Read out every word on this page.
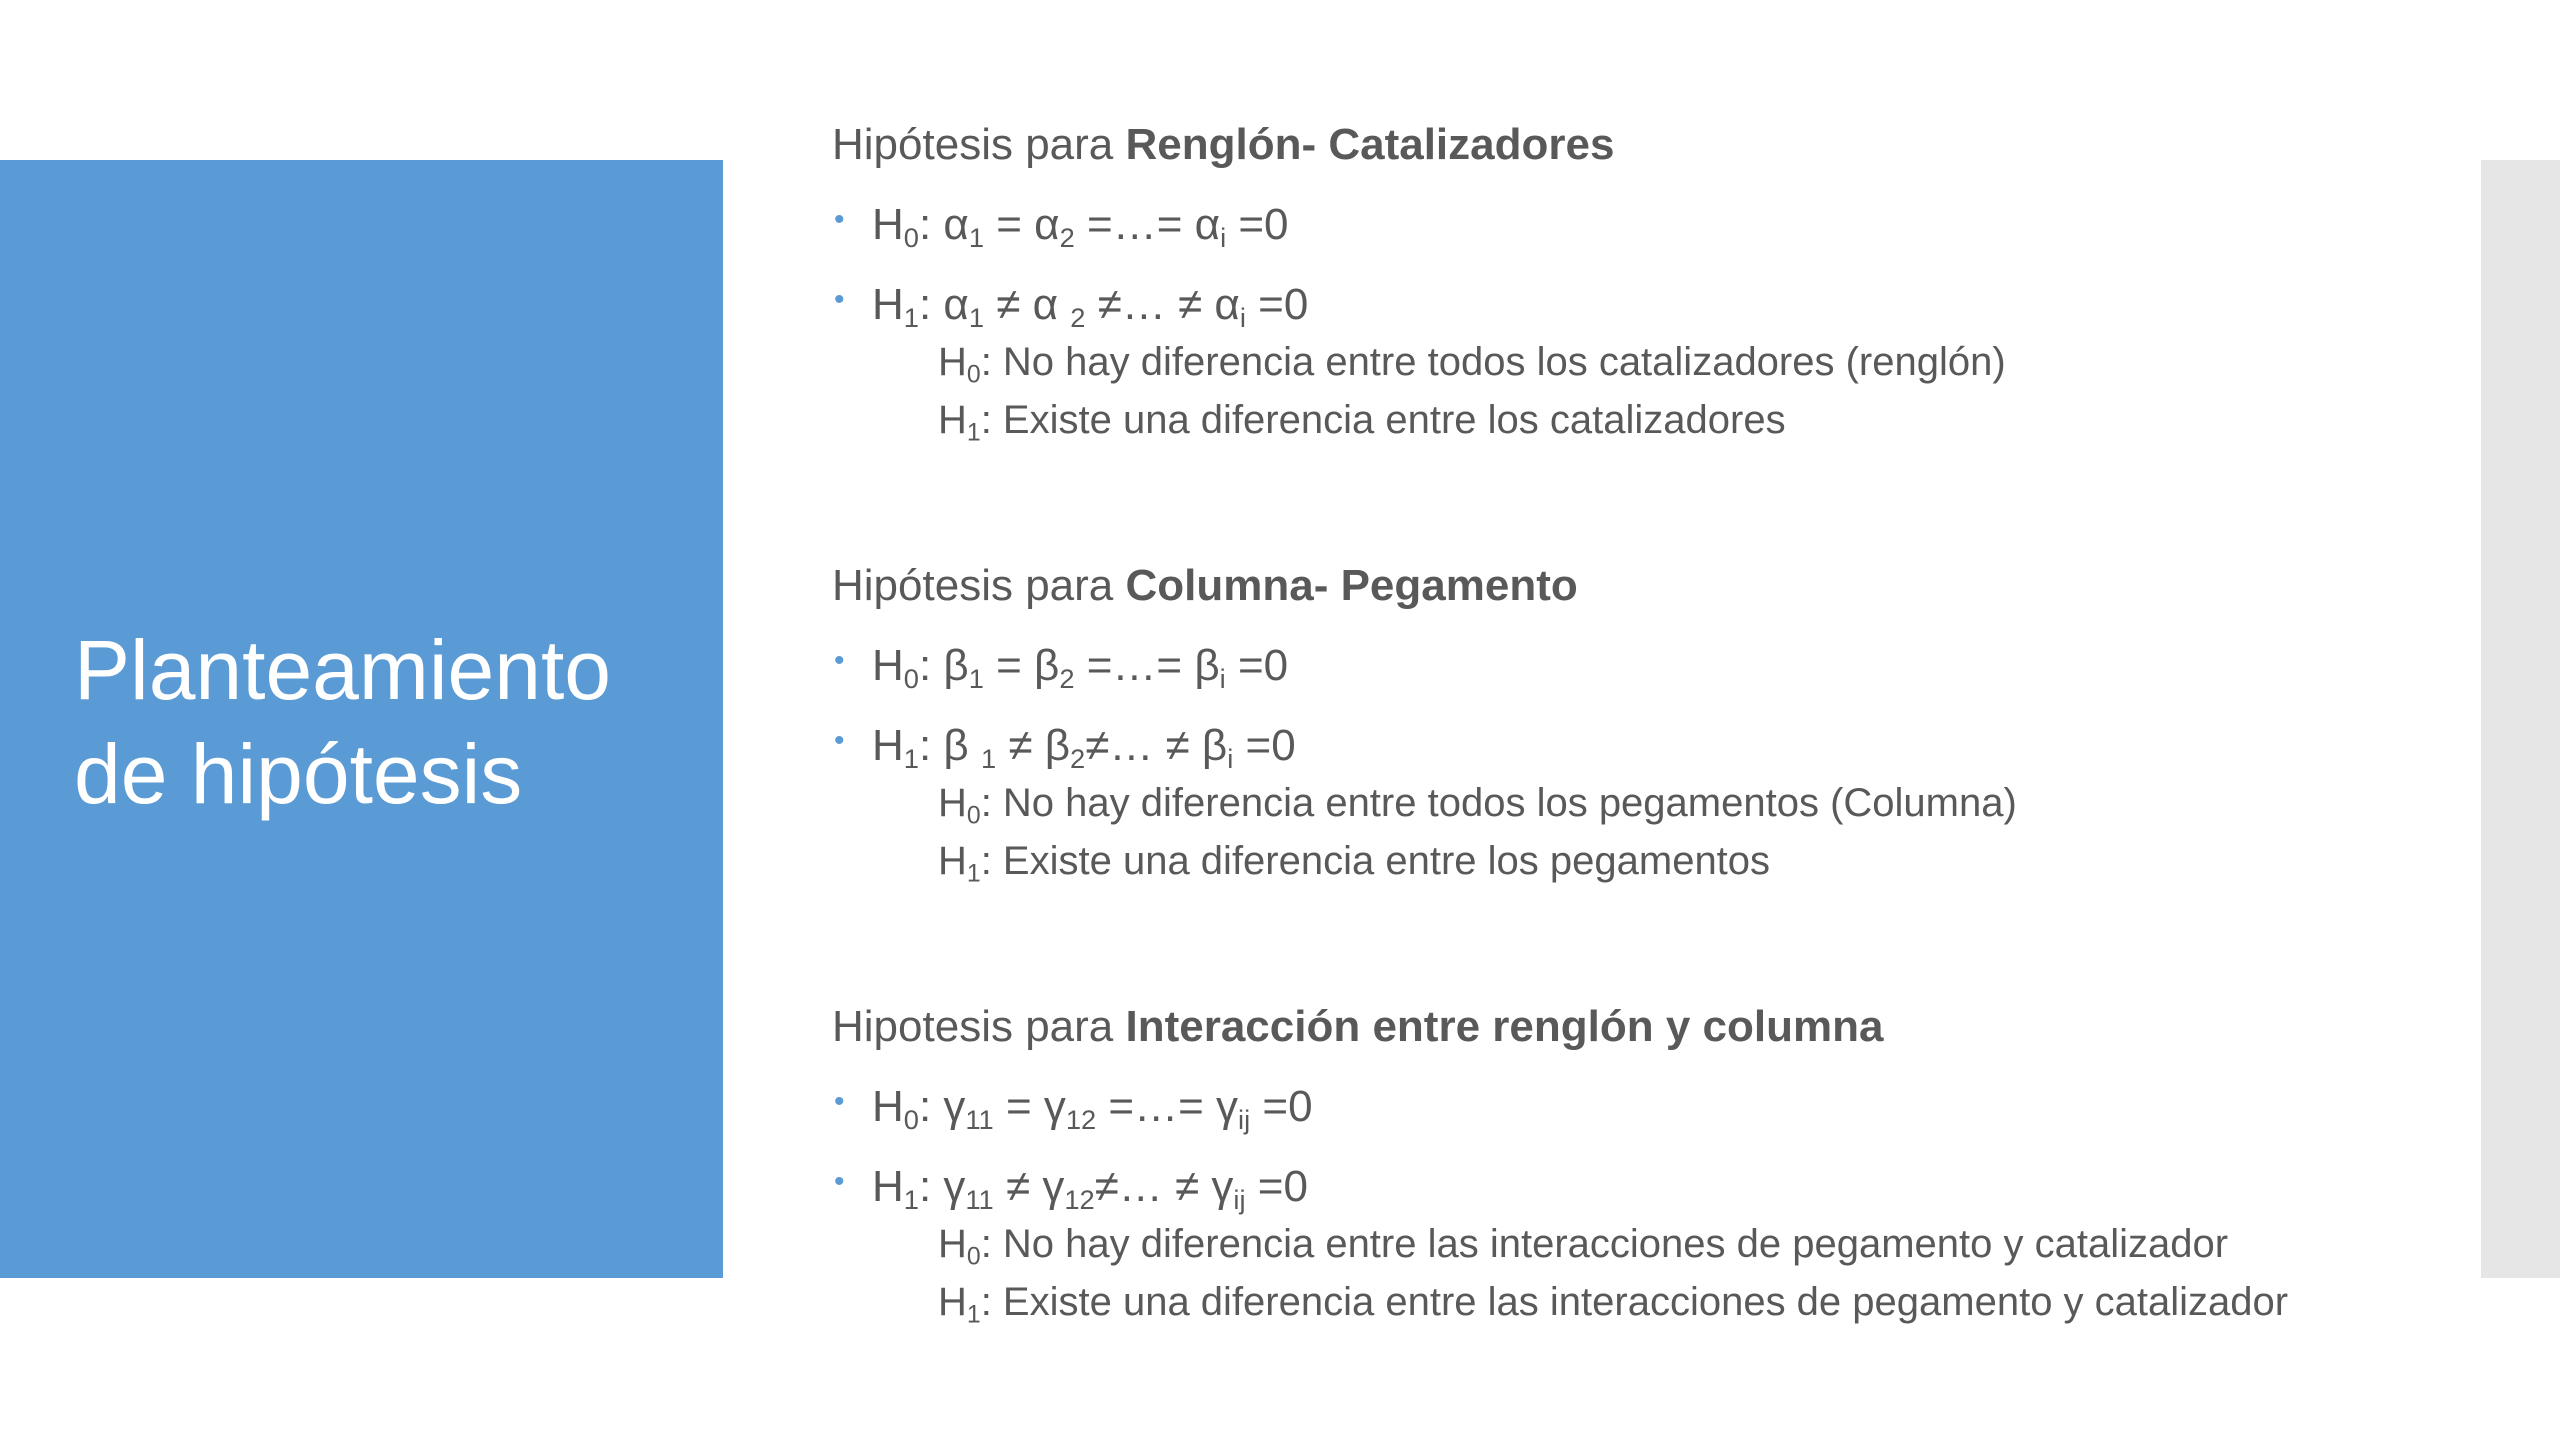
Planteamiento
de hipótesis
Hipótesis para Renglón- Catalizadores
• $H_0$: $\alpha_1 = \alpha_2$ =…= $\alpha_i =0$
• $H_1$: $\alpha_1 \ne \alpha$ $_2$ ≠… ≠ $\alpha_i =0$
$H_0$: No hay diferencia entre todos los catalizadores (renglón)
$H_1$: Existe una diferencia entre los catalizadores
Hipótesis para Columna- Pegamento
• $H_0$: $\beta_1 = \beta_2$ =…= $\beta_i =0$
• $H_1$: β $_1 \ne \beta_2\ne\dots \ne \beta_i =0$
$H_0$: No hay diferencia entre todos los pegamentos (Columna)
$H_1$: Existe una diferencia entre los pegamentos
Hipotesis para Interacción entre renglón y columna
• $H_0$: $\gamma_{11} = \gamma_{12}$ =…= $\gamma_{ij} =0$
• $H_1$: $\gamma_{11}$ ≠ $\gamma_{12}\ne\dots \ne \gamma_{ij} =0$
$H_0$: No hay diferencia entre las interacciones de pegamento y catalizador
$H_1$: Existe una diferencia entre las interacciones de pegamento y catalizador
